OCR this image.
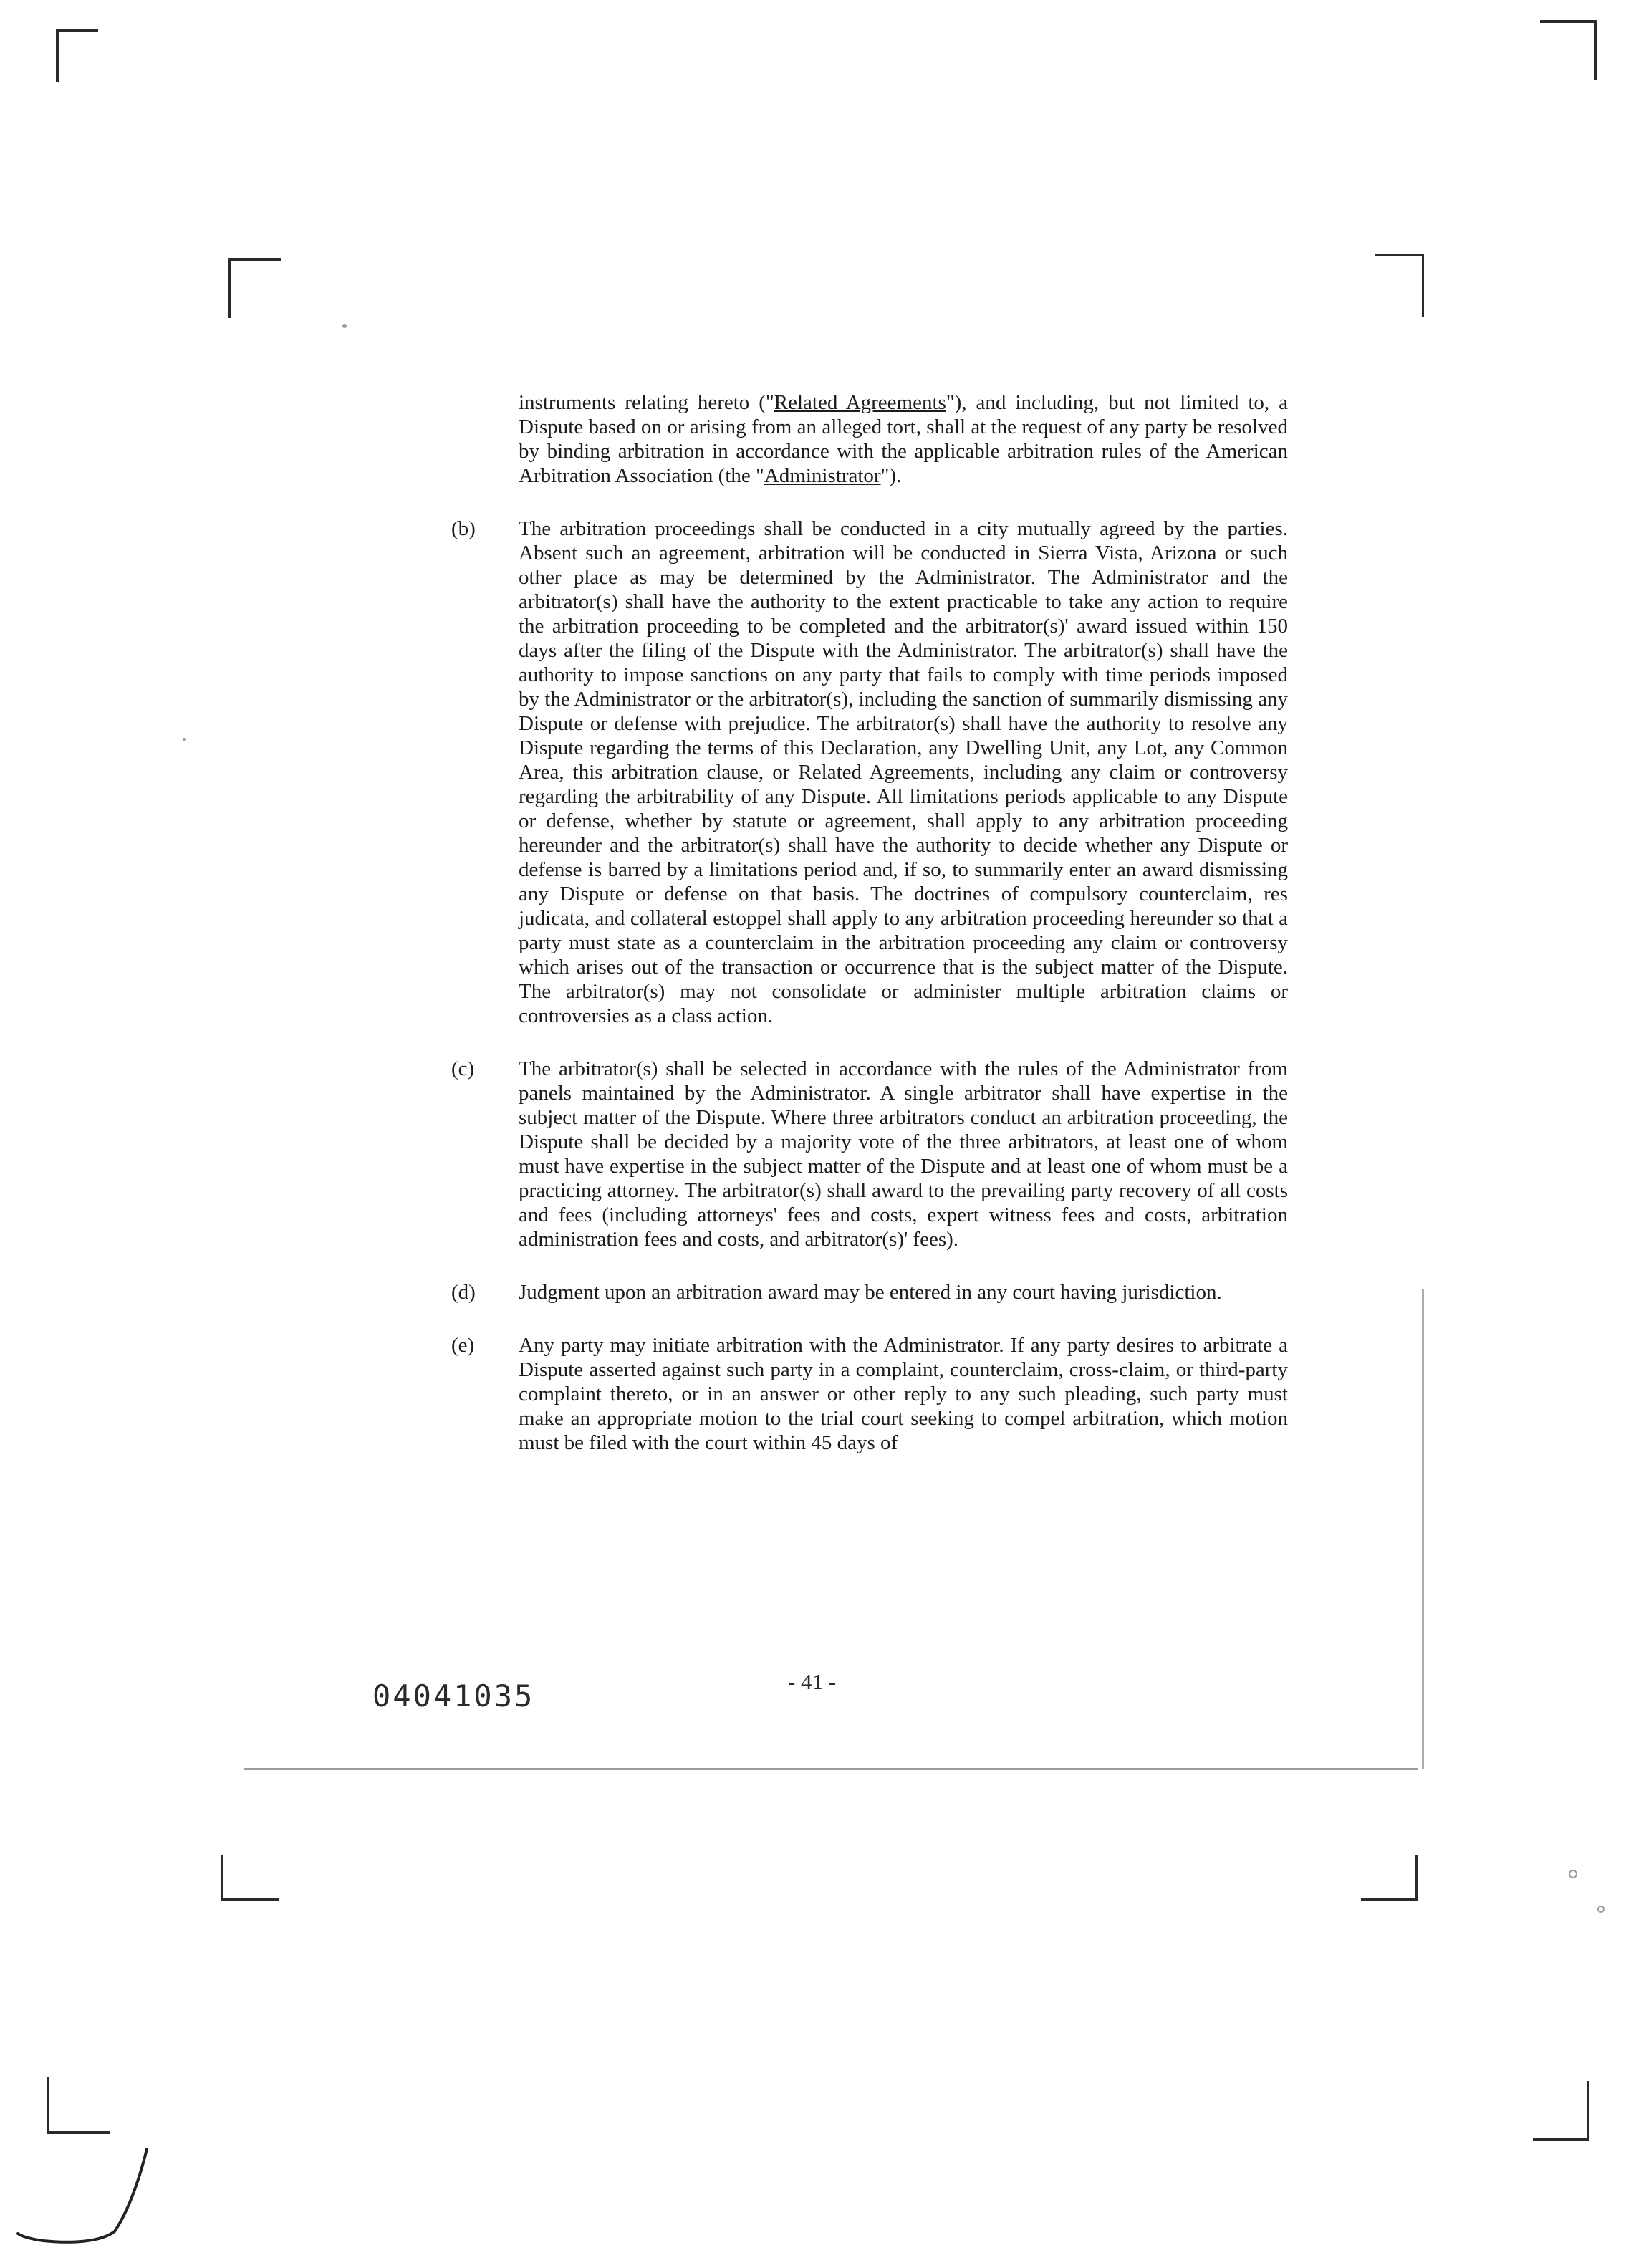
instruments relating hereto ("Related Agreements"), and including, but not limited to, a Dispute based on or arising from an alleged tort, shall at the request of any party be resolved by binding arbitration in accordance with the applicable arbitration rules of the American Arbitration Association (the "Administrator").

(b)	The arbitration proceedings shall be conducted in a city mutually agreed by the parties. Absent such an agreement, arbitration will be conducted in Sierra Vista, Arizona or such other place as may be determined by the Administrator. The Administrator and the arbitrator(s) shall have the authority to the extent practicable to take any action to require the arbitration proceeding to be completed and the arbitrator(s)' award issued within 150 days after the filing of the Dispute with the Administrator. The arbitrator(s) shall have the authority to impose sanctions on any party that fails to comply with time periods imposed by the Administrator or the arbitrator(s), including the sanction of summarily dismissing any Dispute or defense with prejudice. The arbitrator(s) shall have the authority to resolve any Dispute regarding the terms of this Declaration, any Dwelling Unit, any Lot, any Common Area, this arbitration clause, or Related Agreements, including any claim or controversy regarding the arbitrability of any Dispute. All limitations periods applicable to any Dispute or defense, whether by statute or agreement, shall apply to any arbitration proceeding hereunder and the arbitrator(s) shall have the authority to decide whether any Dispute or defense is barred by a limitations period and, if so, to summarily enter an award dismissing any Dispute or defense on that basis. The doctrines of compulsory counterclaim, res judicata, and collateral estoppel shall apply to any arbitration proceeding hereunder so that a party must state as a counterclaim in the arbitration proceeding any claim or controversy which arises out of the transaction or occurrence that is the subject matter of the Dispute. The arbitrator(s) may not consolidate or administer multiple arbitration claims or controversies as a class action.

(c)	The arbitrator(s) shall be selected in accordance with the rules of the Administrator from panels maintained by the Administrator. A single arbitrator shall have expertise in the subject matter of the Dispute. Where three arbitrators conduct an arbitration proceeding, the Dispute shall be decided by a majority vote of the three arbitrators, at least one of whom must have expertise in the subject matter of the Dispute and at least one of whom must be a practicing attorney. The arbitrator(s) shall award to the prevailing party recovery of all costs and fees (including attorneys' fees and costs, expert witness fees and costs, arbitration administration fees and costs, and arbitrator(s)' fees).

(d)	Judgment upon an arbitration award may be entered in any court having jurisdiction.

(e)	Any party may initiate arbitration with the Administrator. If any party desires to arbitrate a Dispute asserted against such party in a complaint, counterclaim, cross-claim, or third-party complaint thereto, or in an answer or other reply to any such pleading, such party must make an appropriate motion to the trial court seeking to compel arbitration, which motion must be filed with the court within 45 days of

04041035	- 41 -
